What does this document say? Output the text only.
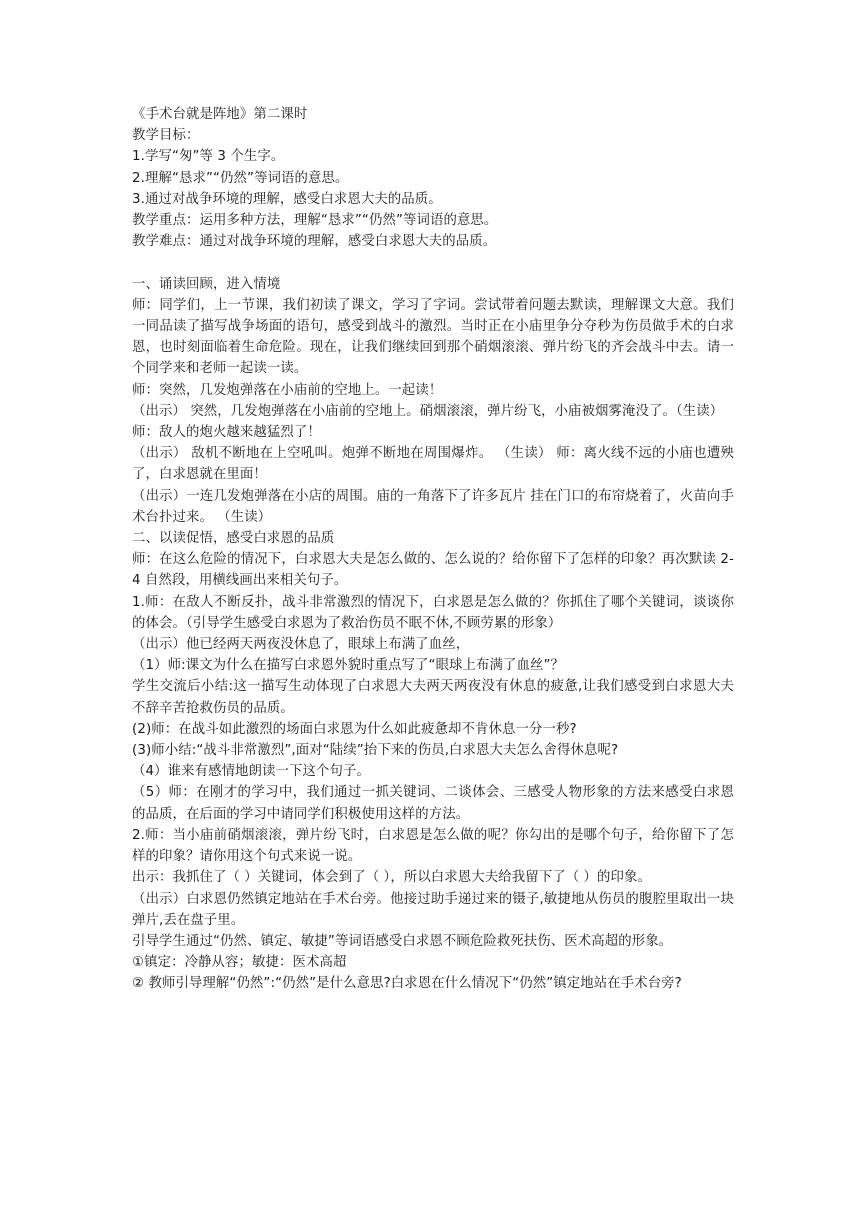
《手术台就是阵地》第二课时

教学目标：

1.学写“匆”等 3 个生字。

2.理解“恳求”“仍然”等词语的意思。

3.通过对战争环境的理解，感受白求恩大夫的品质。

教学重点：运用多种方法，理解“恳求”“仍然”等词语的意思。

教学难点：通过对战争环境的理解，感受白求恩大夫的品质。

一、诵读回顾，进入情境

师：同学们，上一节课，我们初读了课文，学习了字词。尝试带着问题去默读，理解课文大意。我们一同品读了描写战争场面的语句，感受到战斗的激烈。当时正在小庙里争分夺秒为伤员做手术的白求恩，也时刻面临着生命危险。现在，让我们继续回到那个硝烟滚滚、弹片纷飞的齐会战斗中去。请一个同学来和老师一起读一读。

师：突然，几发炮弹落在小庙前的空地上。一起读！

（出示） 突然，几发炮弹落在小庙前的空地上。硝烟滚滚，弹片纷飞，小庙被烟雾淹没了。（生读）

师：敌人的炮火越来越猛烈了！

（出示） 敌机不断地在上空吼叫。炮弹不断地在周围爆炸。 （生读） 师：离火线不远的小庙也遭殃了，白求恩就在里面！

（出示）一连几发炮弹落在小店的周围。庙的一角落下了许多瓦片 挂在门口的布帘烧着了，火苗向手术台扑过来。 （生读）

二、以读促悟，感受白求恩的品质

师：在这么危险的情况下，白求恩大夫是怎么做的、怎么说的？给你留下了怎样的印象？再次默读 2-4 自然段，用横线画出来相关句子。

1.师：在敌人不断反扑，战斗非常激烈的情况下，白求恩是怎么做的？你抓住了哪个关键词，谈谈你的体会。（引导学生感受白求恩为了救治伤员不眠不休,不顾劳累的形象）

（出示）他已经两天两夜没休息了，眼球上布满了血丝，

（1）师:课文为什么在描写白求恩外貌时重点写了“眼球上布满了血丝”？

学生交流后小结:这一描写生动体现了白求恩大夫两天两夜没有休息的疲惫,让我们感受到白求恩大夫不辞辛苦抢救伤员的品质。

(2)师：在战斗如此激烈的场面白求恩为什么如此疲惫却不肯休息一分一秒?

(3)师小结:“战斗非常激烈”,面对“陆续”抬下来的伤员,白求恩大夫怎么舍得休息呢?

（4）谁来有感情地朗读一下这个句子。

（5）师：在刚才的学习中，我们通过一抓关键词、二谈体会、三感受人物形象的方法来感受白求恩的品质，在后面的学习中请同学们积极使用这样的方法。

2.师：当小庙前硝烟滚滚，弹片纷飞时，白求恩是怎么做的呢？你勾出的是哪个句子，给你留下了怎样的印象？请你用这个句式来说一说。

出示：我抓住了（ ）关键词，体会到了（ ），所以白求恩大夫给我留下了（ ）的印象。

（出示）白求恩仍然镇定地站在手术台旁。他接过助手递过来的镊子,敏捷地从伤员的腹腔里取出一块弹片,丢在盘子里。

引导学生通过“仍然、镇定、敏捷”等词语感受白求恩不顾危险救死扶伤、医术高超的形象。

①镇定：冷静从容；敏捷：医术高超

② 教师引导理解“仍然”:“仍然”是什么意思?白求恩在什么情况下“仍然”镇定地站在手术台旁?
